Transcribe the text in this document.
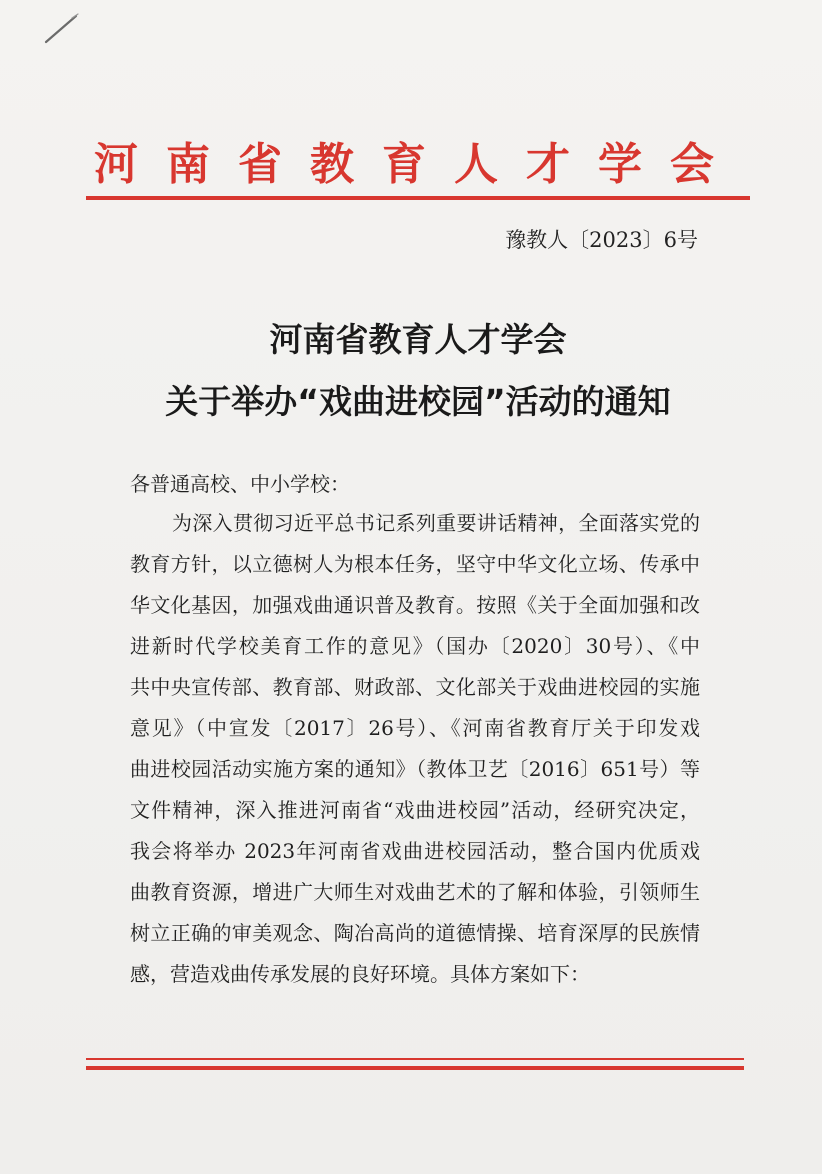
河南省教育人才学会
豫教人〔2023〕6号
河南省教育人才学会
关于举办“戏曲进校园”活动的通知
各普通高校、中小学校：
为深入贯彻习近平总书记系列重要讲话精神，全面落实党的
教育方针，以立德树人为根本任务，坚守中华文化立场、传承中
华文化基因，加强戏曲通识普及教育。按照《关于全面加强和改
进新时代学校美育工作的意见》（国办〔2020〕30号）、《中
共中央宣传部、教育部、财政部、文化部关于戏曲进校园的实施
意见》（中宣发〔2017〕26号）、《河南省教育厅关于印发戏
曲进校园活动实施方案的通知》（教体卫艺〔2016〕651号）等
文件精神，深入推进河南省“戏曲进校园”活动，经研究决定，
我会将举办 2023年河南省戏曲进校园活动，整合国内优质戏
曲教育资源，增进广大师生对戏曲艺术的了解和体验，引领师生
树立正确的审美观念、陶冶高尚的道德情操、培育深厚的民族情
感，营造戏曲传承发展的良好环境。具体方案如下：
